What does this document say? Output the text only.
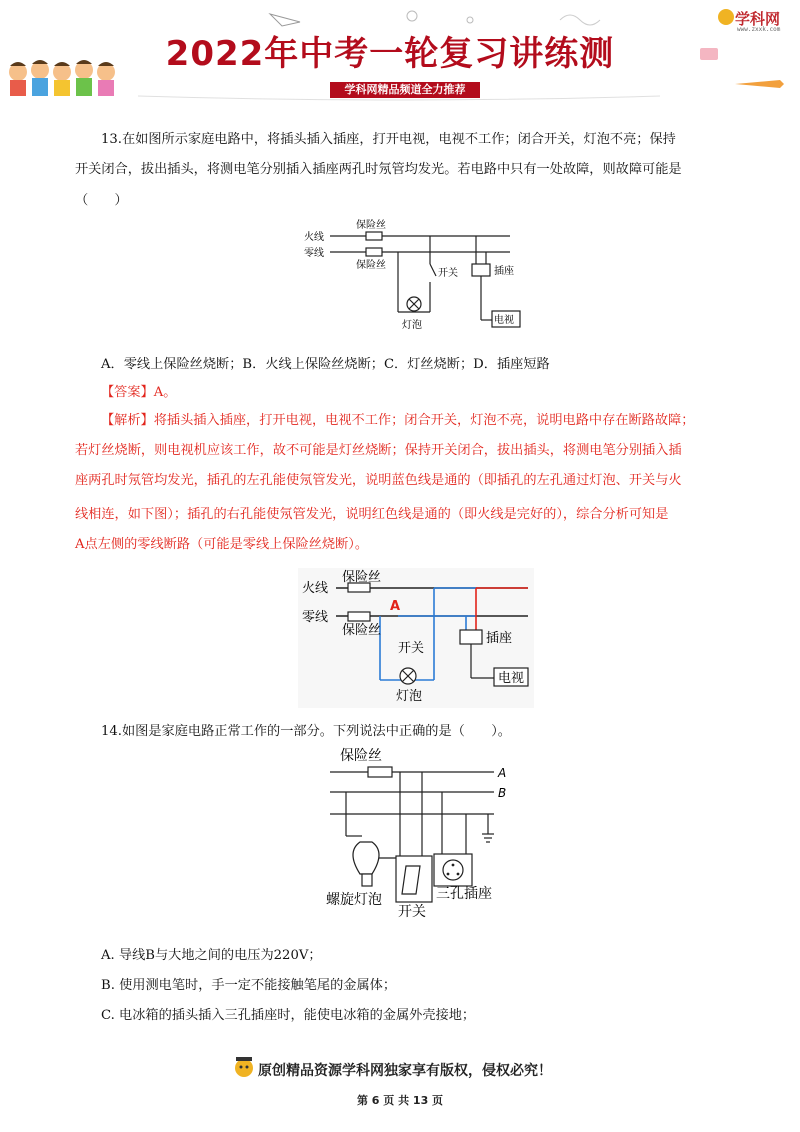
2022年中考一轮复习讲练测
学科网精品频道全力推荐
学科网
www.zxxk.com
13.在如图所示家庭电路中，将插头插入插座，打开电视，电视不工作；闭合开关，灯泡不亮；保持
开关闭合，拔出插头，将测电笔分别插入插座两孔时氖管均发光。若电路中只有一处故障，则故障可能是
（　　）
火线
零线
保险丝
保险丝
开关
灯泡
插座
电视
A．零线上保险丝烧断；B．火线上保险丝烧断；C．灯丝烧断；D．插座短路
【答案】A。
【解析】将插头插入插座，打开电视，电视不工作；闭合开关，灯泡不亮，说明电路中存在断路故障；
若灯丝烧断，则电视机应该工作，故不可能是灯丝烧断；保持开关闭合，拔出插头，将测电笔分别插入插
座两孔时氖管均发光，插孔的左孔能使氖管发光，说明蓝色线是通的（即插孔的左孔通过灯泡、开关与火
线相连，如下图）；插孔的右孔能使氖管发光，说明红色线是通的（即火线是完好的），综合分析可知是
A点左侧的零线断路（可能是零线上保险丝烧断）。
火线
零线
保险丝
保险丝
A
开关
灯泡
插座
电视
14.如图是家庭电路正常工作的一部分。下列说法中正确的是（　　）。
保险丝
A
B
螺旋灯泡
开关
三孔插座
A. 导线B与大地之间的电压为220V；
B. 使用测电笔时，手一定不能接触笔尾的金属体；
C. 电冰箱的插头插入三孔插座时，能使电冰箱的金属外壳接地；
原创精品资源学科网独家享有版权，侵权必究！
第 6 页 共 13 页
